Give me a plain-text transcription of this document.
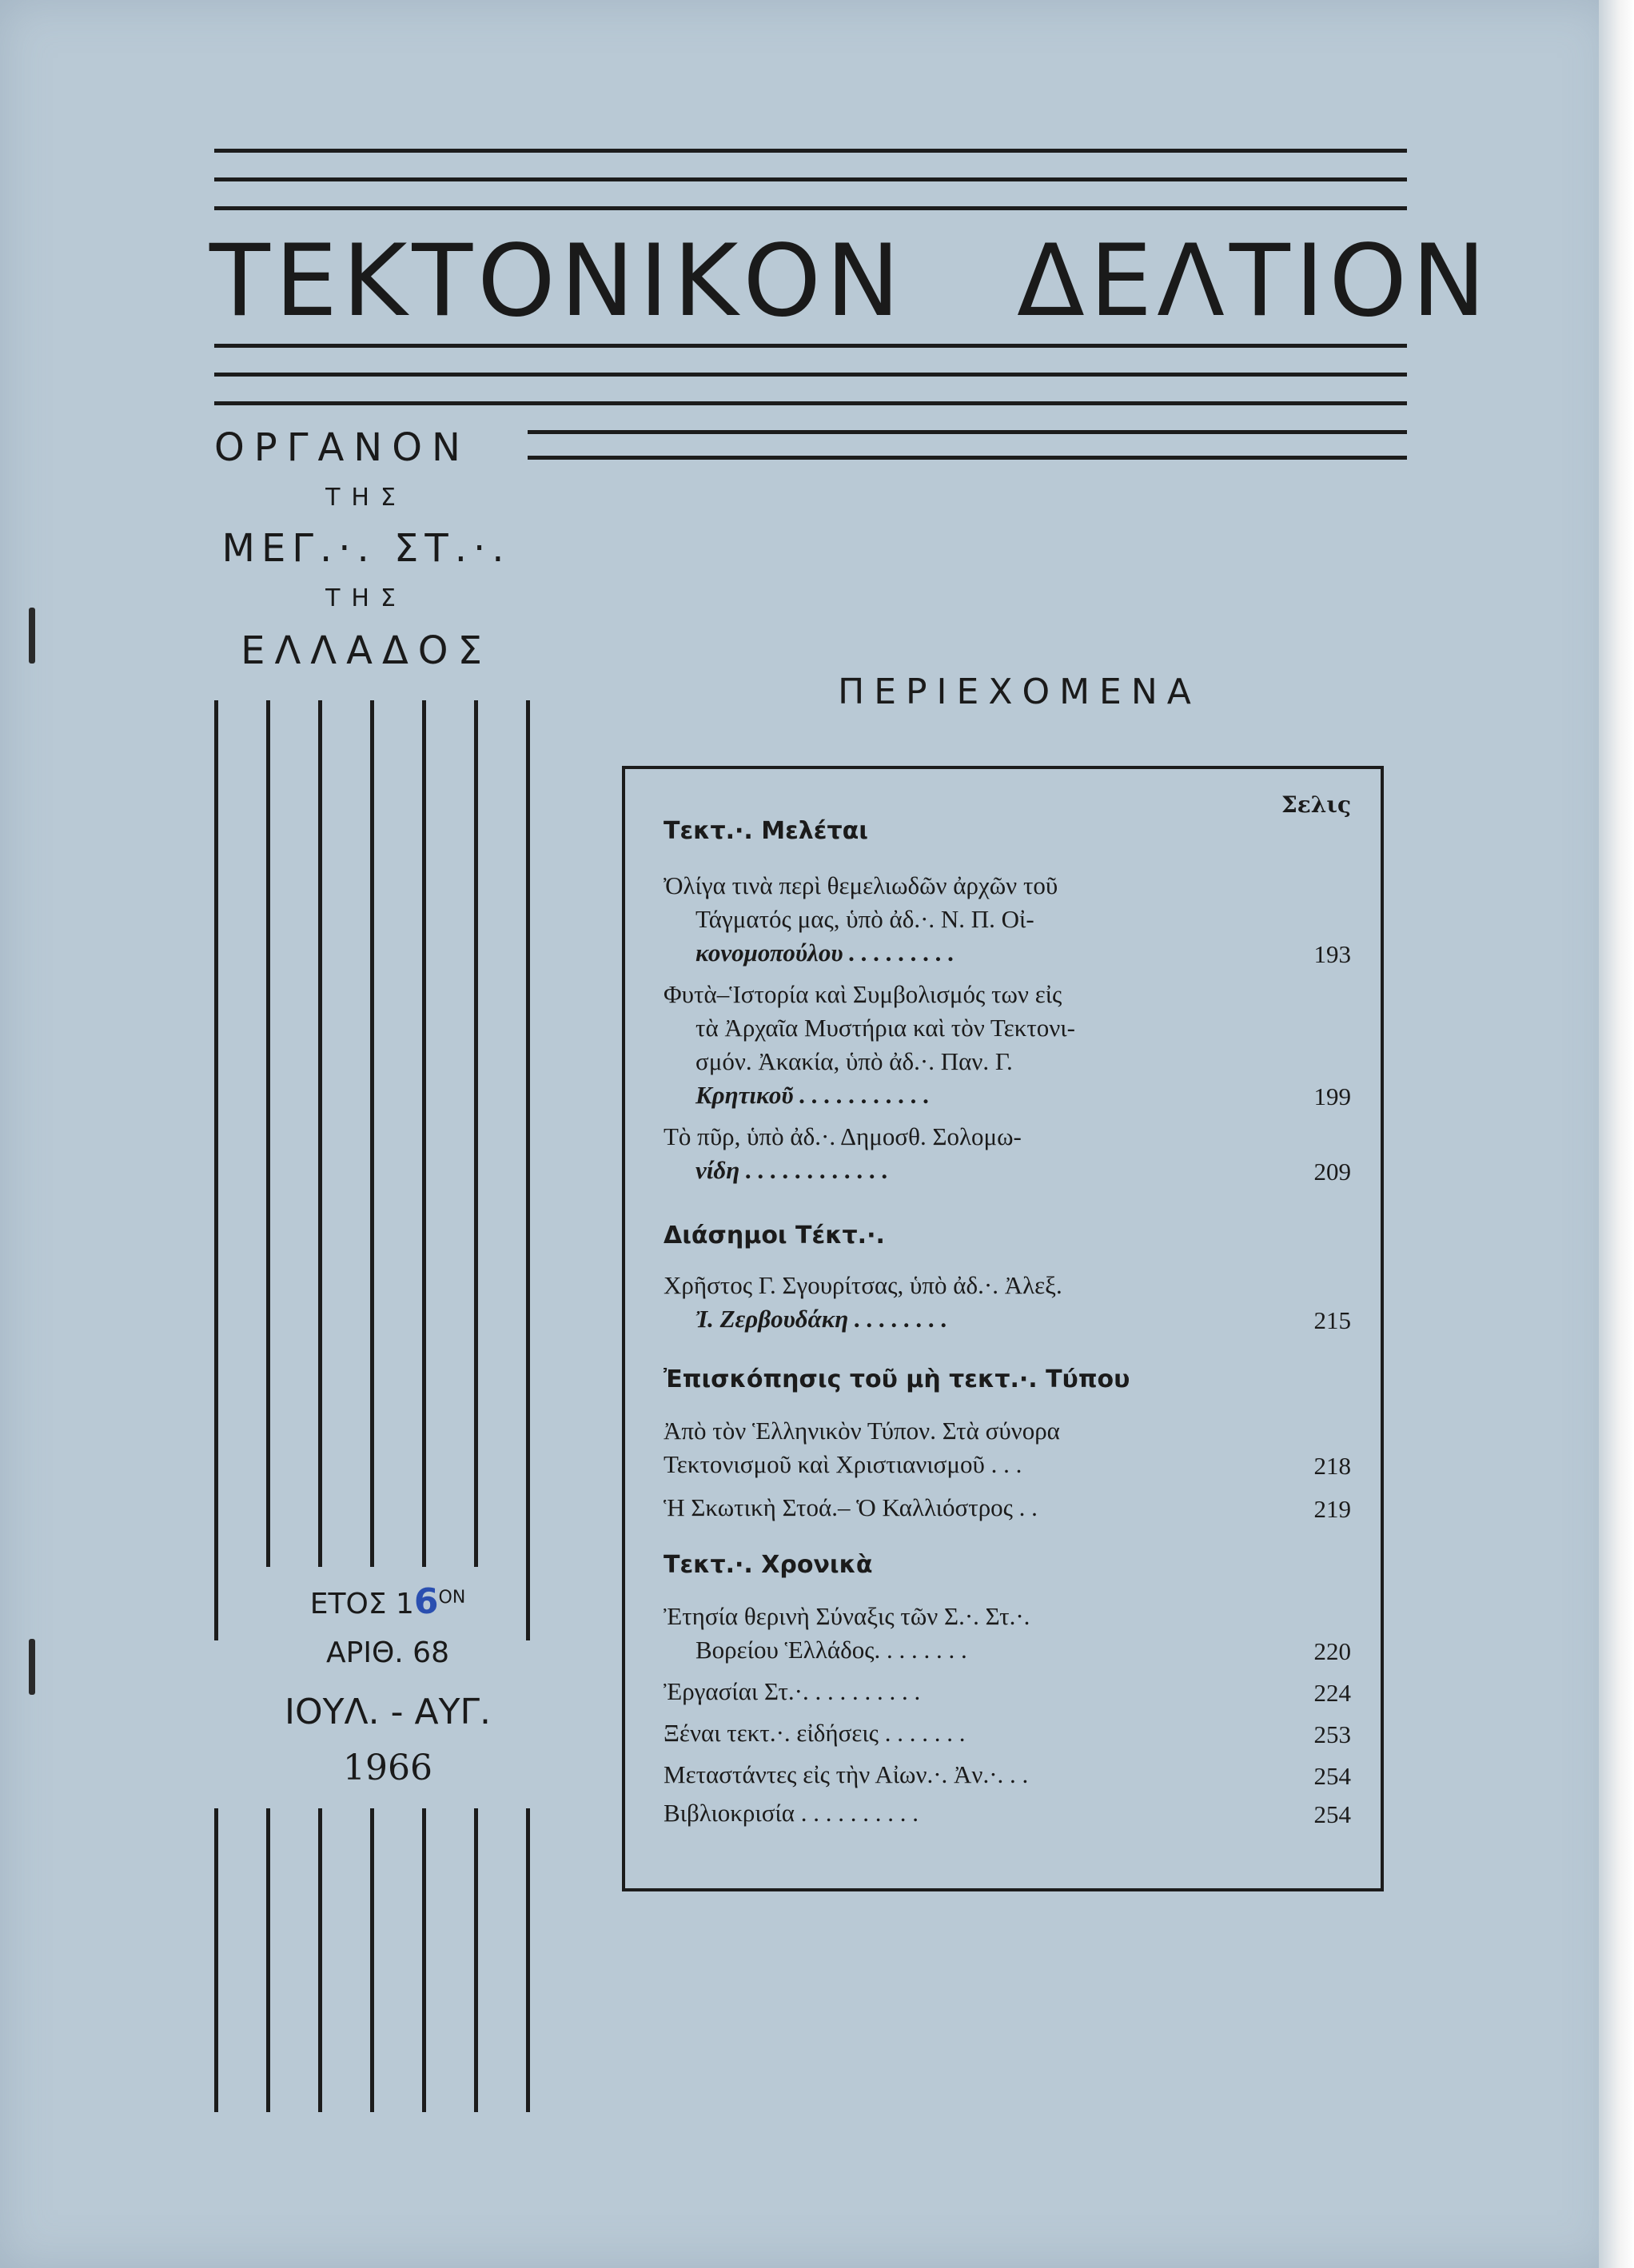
ΤΕΚΤΟΝΙΚΟΝ ΔΕΛΤΙΟΝ
ΟΡΓΑΝΟΝ
ΤΗΣ
ΜΕΓ.·. ΣΤ.·.
ΤΗΣ
ΕΛΛΑΔΟΣ
ΕΤΟΣ $16^{ON}$
ΑΡΙΘ. 68
ΙΟΥΛ. - ΑΥΓ.
1966
ΠΕΡΙΕΧΟΜΕΝΑ
Σελις
Τεκτ.·. Μελέται
Ὀλίγα τινὰ περὶ θεμελιωδῶν ἀρχῶν τοῦ
Τάγματός μας, ὑπὸ ἀδ.·. Ν. Π. Οἰ-
κονομοπούλου . . . . . . . . .	193
Φυτὰ–Ἱστορία καὶ Συμβολισμός των εἰς
τὰ Ἀρχαῖα Μυστήρια καὶ τὸν Τεκτονι-
σμόν. Ἀκακία, ὑπὸ ἀδ.·. Παν. Γ.
Κρητικοῦ . . . . . . . . . . .	199
Τὸ πῦρ, ὑπὸ ἀδ.·. Δημοσθ. Σολομω-
νίδη . . . . . . . . . . . .	209
Διάσημοι Τέκτ.·.
Χρῆστος Γ. Σγουρίτσας, ὑπὸ ἀδ.·. Ἀλεξ.
Ἰ. Ζερβουδάκη . . . . . . . .	215
Ἐπισκόπησις τοῦ μὴ τεκτ.·. Τύπου
Ἀπὸ τὸν Ἑλληνικὸν Τύπον. Στὰ σύνορα
Τεκτονισμοῦ καὶ Χριστιανισμοῦ . . .	218
Ἡ Σκωτικὴ Στοά.– Ὁ Καλλιόστρος . .	219
Τεκτ.·. Χρονικὰ
Ἐτησία θερινὴ Σύναξις τῶν Σ.·. Στ.·.
Βορείου Ἑλλάδος. . . . . . . .	220
Ἐργασίαι Στ.·. . . . . . . . . .	224
Ξέναι τεκτ.·. εἰδήσεις . . . . . . .	253
Μεταστάντες εἰς τὴν Αἰων.·. Ἀν.·. . .	254
Βιβλιοκρισία . . . . . . . . . .	254
